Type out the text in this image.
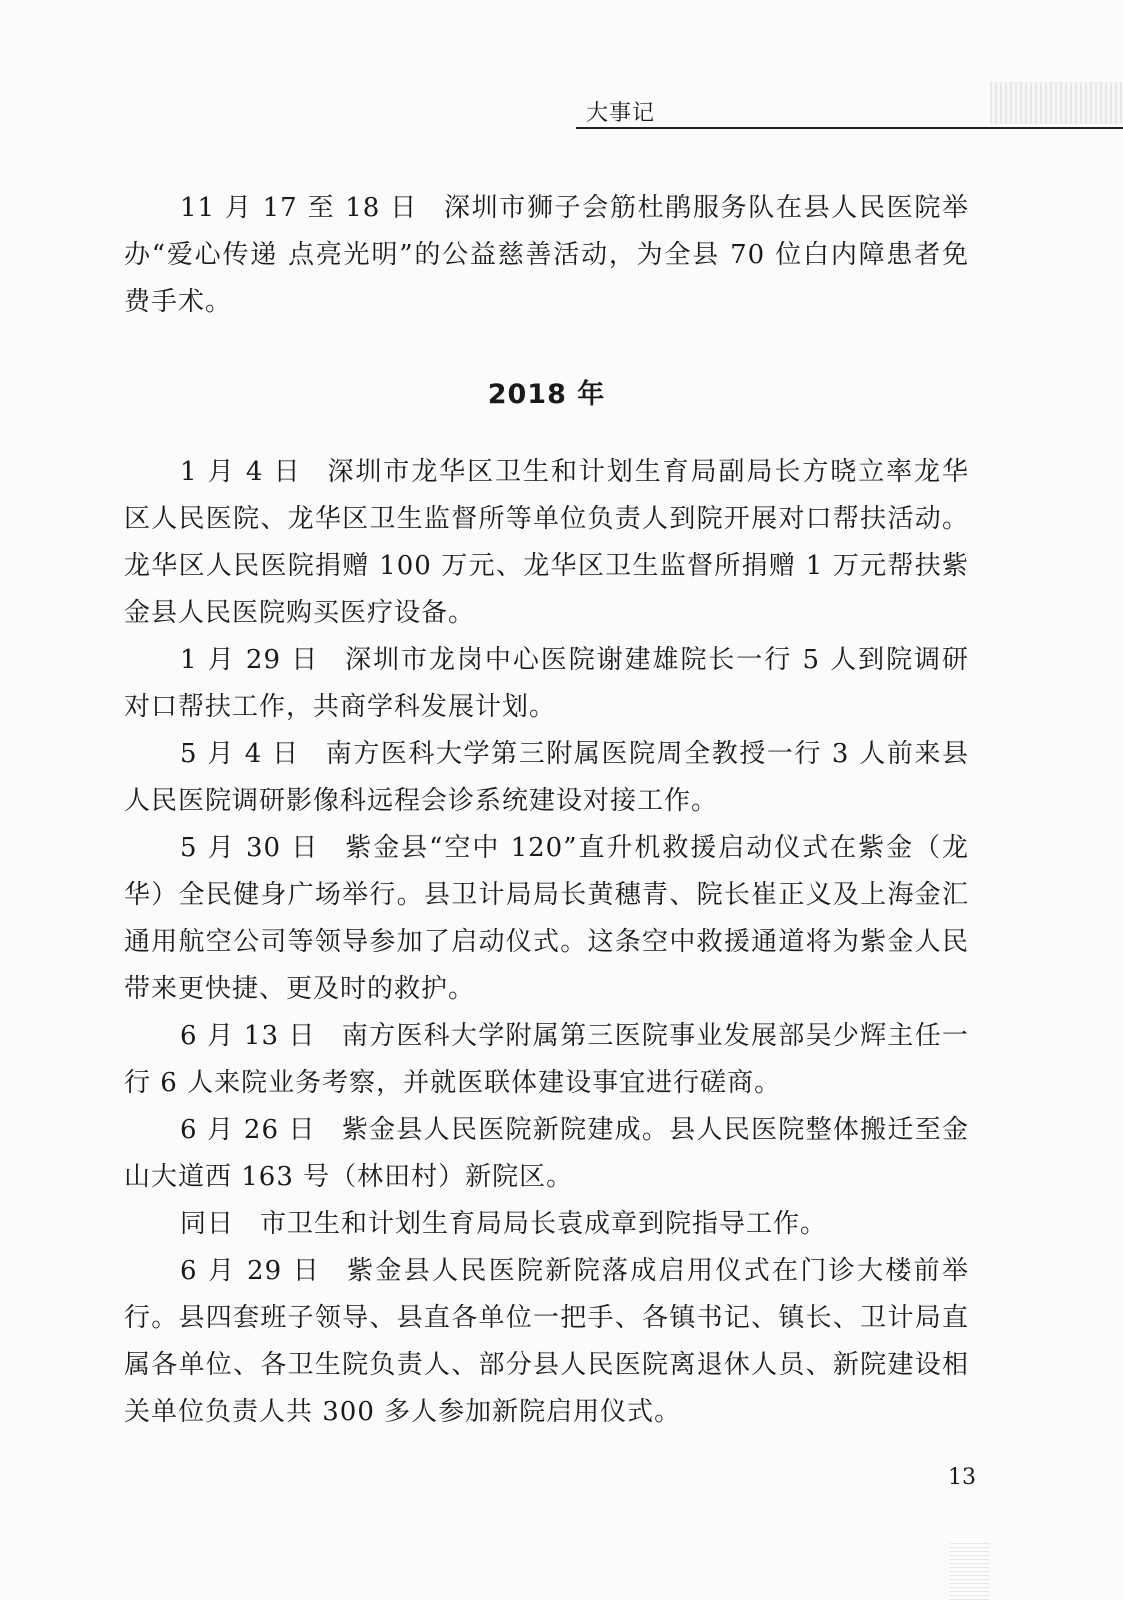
大事记

11 月 17 至 18 日 深圳市狮子会筋杜鹃服务队在县人民医院举办“爱心传递 点亮光明”的公益慈善活动，为全县 70 位白内障患者免费手术。

2018 年

1 月 4 日 深圳市龙华区卫生和计划生育局副局长方晓立率龙华区人民医院、龙华区卫生监督所等单位负责人到院开展对口帮扶活动。龙华区人民医院捐赠 100 万元、龙华区卫生监督所捐赠 1 万元帮扶紫金县人民医院购买医疗设备。

1 月 29 日 深圳市龙岗中心医院谢建雄院长一行 5 人到院调研对口帮扶工作，共商学科发展计划。

5 月 4 日 南方医科大学第三附属医院周全教授一行 3 人前来县人民医院调研影像科远程会诊系统建设对接工作。

5 月 30 日 紫金县“空中 120”直升机救援启动仪式在紫金（龙华）全民健身广场举行。县卫计局局长黄穗青、院长崔正义及上海金汇通用航空公司等领导参加了启动仪式。这条空中救援通道将为紫金人民带来更快捷、更及时的救护。

6 月 13 日 南方医科大学附属第三医院事业发展部吴少辉主任一行 6 人来院业务考察，并就医联体建设事宜进行磋商。

6 月 26 日 紫金县人民医院新院建成。县人民医院整体搬迁至金山大道西 163 号（林田村）新院区。

同日 市卫生和计划生育局局长袁成章到院指导工作。

6 月 29 日 紫金县人民医院新院落成启用仪式在门诊大楼前举行。县四套班子领导、县直各单位一把手、各镇书记、镇长、卫计局直属各单位、各卫生院负责人、部分县人民医院离退休人员、新院建设相关单位负责人共 300 多人参加新院启用仪式。

13
